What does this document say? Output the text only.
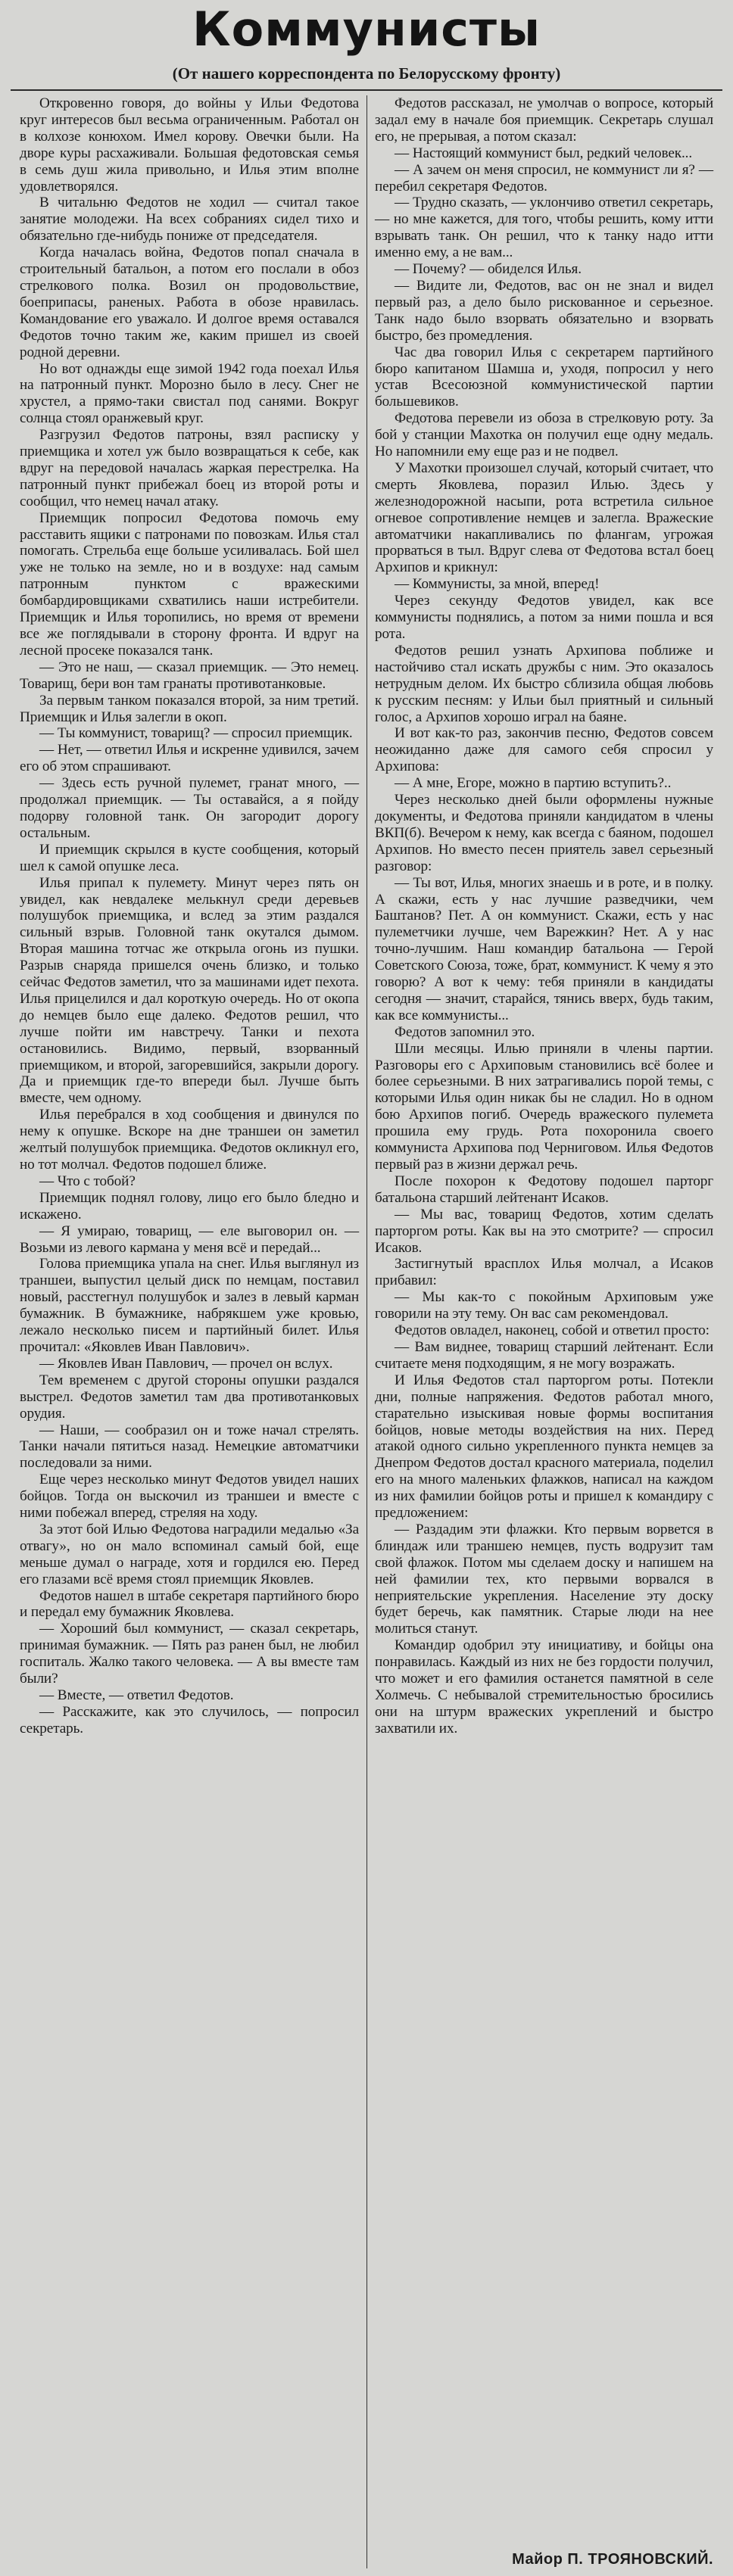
Коммунисты
(От нашего корреспондента по Белорусскому фронту)

Откровенно говоря, до войны у Ильи Федотова круг интересов был весьма ограниченным. Работал он в колхозе конюхом. Имел корову. Овечки были. На дворе куры расхаживали. Большая федотовская семья в семь душ жила привольно, и Илья этим вполне удовлетворялся.

В читальню Федотов не ходил — считал такое занятие молодежи. На всех собраниях сидел тихо и обязательно где-нибудь пониже от председателя.

Когда началась война, Федотов попал сначала в строительный батальон, а потом его послали в обоз стрелкового полка. Возил он продовольствие, боеприпасы, раненых. Работа в обозе нравилась. Командование его уважало. И долгое время оставался Федотов точно таким же, каким пришел из своей родной деревни.

Но вот однажды еще зимой 1942 года поехал Илья на патронный пункт. Морозно было в лесу. Снег не хрустел, а прямо-таки свистал под санями. Вокруг солнца стоял оранжевый круг.

Разгрузил Федотов патроны, взял расписку у приемщика и хотел уж было возвращаться к себе, как вдруг на передовой началась жаркая перестрелка. На патронный пункт прибежал боец из второй роты и сообщил, что немец начал атаку.

Приемщик попросил Федотова помочь ему расставить ящики с патронами по повозкам. Илья стал помогать. Стрельба еще больше усиливалась. Бой шел уже не только на земле, но и в воздухе: над самым патронным пунктом с вражескими бомбардировщиками схватились наши истребители. Приемщик и Илья торопились, но время от времени все же поглядывали в сторону фронта. И вдруг на лесной просеке показался танк.

— Это не наш, — сказал приемщик. — Это немец. Товарищ, бери вон там гранаты противотанковые.

За первым танком показался второй, за ним третий. Приемщик и Илья залегли в окоп.

— Ты коммунист, товарищ? — спросил приемщик.

— Нет, — ответил Илья и искренне удивился, зачем его об этом спрашивают.

— Здесь есть ручной пулемет, гранат много, — продолжал приемщик. — Ты оставайся, а я пойду подорву головной танк. Он загородит дорогу остальным.

И приемщик скрылся в кусте сообщения, который шел к самой опушке леса.

Илья припал к пулемету. Минут через пять он увидел, как невдалеке мелькнул среди деревьев полушубок приемщика, и вслед за этим раздался сильный взрыв. Головной танк окутался дымом. Вторая машина тотчас же открыла огонь из пушки. Разрыв снаряда пришелся очень близко, и только сейчас Федотов заметил, что за машинами идет пехота. Илья прицелился и дал короткую очередь. Но от окопа до немцев было еще далеко. Федотов решил, что лучше пойти им навстречу. Танки и пехота остановились. Видимо, первый, взорванный приемщиком, и второй, загоревшийся, закрыли дорогу. Да и приемщик где-то впереди был. Лучше быть вместе, чем одному.

Илья перебрался в ход сообщения и двинулся по нему к опушке. Вскоре на дне траншеи он заметил желтый полушубок приемщика. Федотов окликнул его, но тот молчал. Федотов подошел ближе.

— Что с тобой?

Приемщик поднял голову, лицо его было бледно и искажено.

— Я умираю, товарищ, — еле выговорил он. — Возьми из левого кармана у меня всё и передай...

Голова приемщика упала на снег. Илья выглянул из траншеи, выпустил целый диск по немцам, поставил новый, расстегнул полушубок и залез в левый карман бумажник. В бумажнике, набрякшем уже кровью, лежало несколько писем и партийный билет. Илья прочитал: «Яковлев Иван Павлович».

— Яковлев Иван Павлович, — прочел он вслух.

Тем временем с другой стороны опушки раздался выстрел. Федотов заметил там два противотанковых орудия.

— Наши, — сообразил он и тоже начал стрелять. Танки начали пятиться назад. Немецкие автоматчики последовали за ними.

Еще через несколько минут Федотов увидел наших бойцов. Тогда он выскочил из траншеи и вместе с ними побежал вперед, стреляя на ходу.

За этот бой Илью Федотова наградили медалью «За отвагу», но он мало вспоминал самый бой, еще меньше думал о награде, хотя и гордился ею. Перед его глазами всё время стоял приемщик Яковлев.

Федотов нашел в штабе секретаря партийного бюро и передал ему бумажник Яковлева.

— Хороший был коммунист, — сказал секретарь, принимая бумажник. — Пять раз ранен был, не любил госпиталь. Жалко такого человека. — А вы вместе там были?

— Вместе, — ответил Федотов.

— Расскажите, как это случилось, — попросил секретарь.

Федотов рассказал, не умолчав о вопросе, который задал ему в начале боя приемщик. Секретарь слушал его, не прерывая, а потом сказал:

— Настоящий коммунист был, редкий человек...

— А зачем он меня спросил, не коммунист ли я? — перебил секретаря Федотов.

— Трудно сказать, — уклончиво ответил секретарь, — но мне кажется, для того, чтобы решить, кому итти взрывать танк. Он решил, что к танку надо итти именно ему, а не вам...

— Почему? — обиделся Илья.

— Видите ли, Федотов, вас он не знал и видел первый раз, а дело было рискованное и серьезное. Танк надо было взорвать обязательно и взорвать быстро, без промедления.

Час два говорил Илья с секретарем партийного бюро капитаном Шамша и, уходя, попросил у него устав Всесоюзной коммунистической партии большевиков.

Федотова перевели из обоза в стрелковую роту. За бой у станции Махотка он получил еще одну медаль. Но напомнили ему еще раз и не подвел.

У Махотки произошел случай, который считает, что смерть Яковлева, поразил Илью. Здесь у железнодорожной насыпи, рота встретила сильное огневое сопротивление немцев и залегла. Вражеские автоматчики накапливались по флангам, угрожая прорваться в тыл. Вдруг слева от Федотова встал боец Архипов и крикнул:

— Коммунисты, за мной, вперед!

Через секунду Федотов увидел, как все коммунисты поднялись, а потом за ними пошла и вся рота.

Федотов решил узнать Архипова поближе и настойчиво стал искать дружбы с ним. Это оказалось нетрудным делом. Их быстро сблизила общая любовь к русским песням: у Ильи был приятный и сильный голос, а Архипов хорошо играл на баяне.

И вот как-то раз, закончив песню, Федотов совсем неожиданно даже для самого себя спросил у Архипова:

— А мне, Егоре, можно в партию вступить?..

Через несколько дней были оформлены нужные документы, и Федотова приняли кандидатом в члены ВКП(б). Вечером к нему, как всегда с баяном, подошел Архипов. Но вместо песен приятель завел серьезный разговор:

— Ты вот, Илья, многих знаешь и в роте, и в полку. А скажи, есть у нас лучшие разведчики, чем Баштанов? Пет. А он коммунист. Скажи, есть у нас пулеметчики лучше, чем Варежкин? Нет. А у нас точно-лучшим. Наш командир батальона — Герой Советского Союза, тоже, брат, коммунист. К чему я это говорю? А вот к чему: тебя приняли в кандидаты сегодня — значит, старайся, тянись вверх, будь таким, как все коммунисты...

Федотов запомнил это.

Шли месяцы. Илью приняли в члены партии. Разговоры его с Архиповым становились всё более и более серьезными. В них затрагивались порой темы, с которыми Илья один никак бы не сладил. Но в одном бою Архипов погиб. Очередь вражеского пулемета прошила ему грудь. Рота похоронила своего коммуниста Архипова под Черниговом. Илья Федотов первый раз в жизни держал речь.

После похорон к Федотову подошел парторг батальона старший лейтенант Исаков.

— Мы вас, товарищ Федотов, хотим сделать парторгом роты. Как вы на это смотрите? — спросил Исаков.

Застигнутый врасплох Илья молчал, а Исаков прибавил:

— Мы как-то с покойным Архиповым уже говорили на эту тему. Он вас сам рекомендовал.

Федотов овладел, наконец, собой и ответил просто:

— Вам виднее, товарищ старший лейтенант. Если считаете меня подходящим, я не могу возражать.

И Илья Федотов стал парторгом роты. Потекли дни, полные напряжения. Федотов работал много, старательно изыскивая новые формы воспитания бойцов, новые методы воздействия на них. Перед атакой одного сильно укрепленного пункта немцев за Днепром Федотов достал красного материала, поделил его на много маленьких флажков, написал на каждом из них фамилии бойцов роты и пришел к командиру с предложением:

— Раздадим эти флажки. Кто первым ворвется в блиндаж или траншею немцев, пусть водрузит там свой флажок. Потом мы сделаем доску и напишем на ней фамилии тех, кто первыми ворвался в неприятельские укрепления. Население эту доску будет беречь, как памятник. Старые люди на нее молиться станут.

Командир одобрил эту инициативу, и бойцы она понравилась. Каждый из них не без гордости получил, что может и его фамилия останется памятной в селе Холмечь. С небывалой стремительностью бросились они на штурм вражеских укреплений и быстро захватили их.

Майор П. ТРОЯНОВСКИЙ.
